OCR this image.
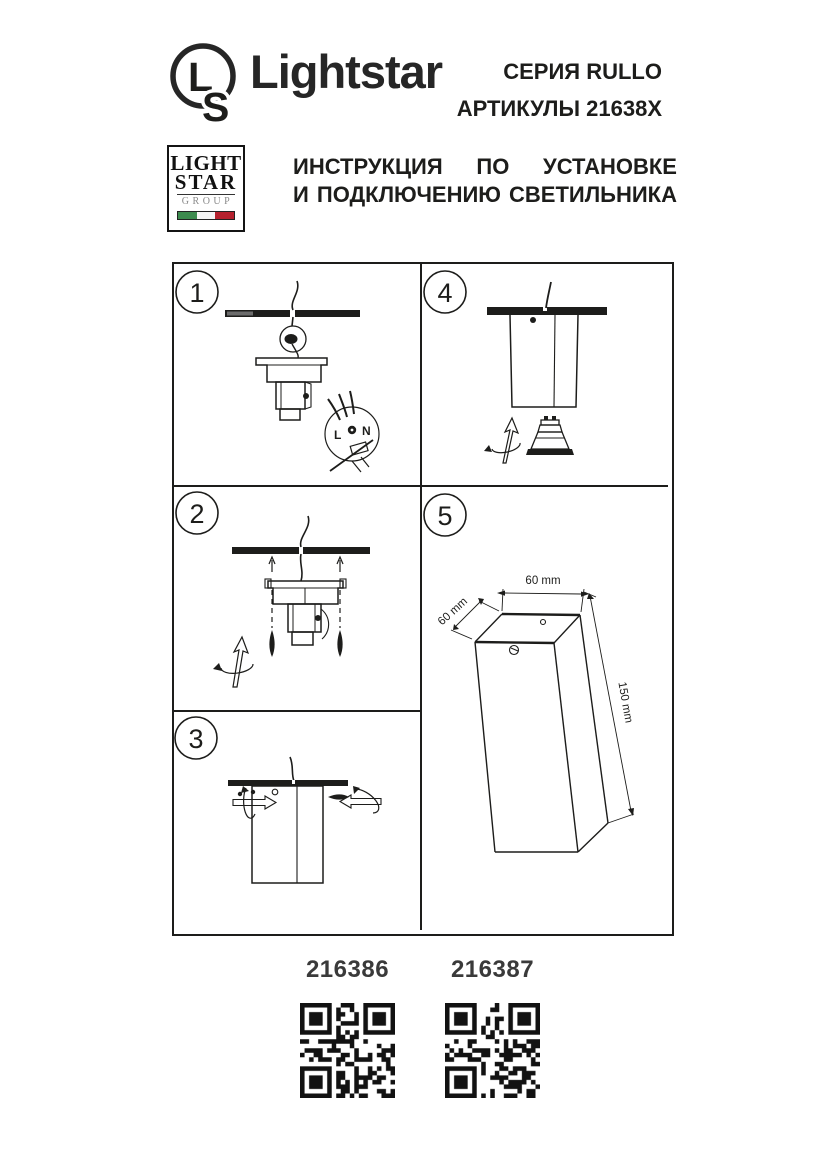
L
S
Lightstar	СЕРИЯ RULLO
АРТИКУЛЫ 21638X
LIGHT
STAR
GROUP
ИНСТРУКЦИЯ ПО УСТАНОВКЕ
И ПОДКЛЮЧЕНИЮ СВЕТИЛЬНИКА
1
L N
4
2	5
60 mm
60 mm
150 mm
3
216386	216387
